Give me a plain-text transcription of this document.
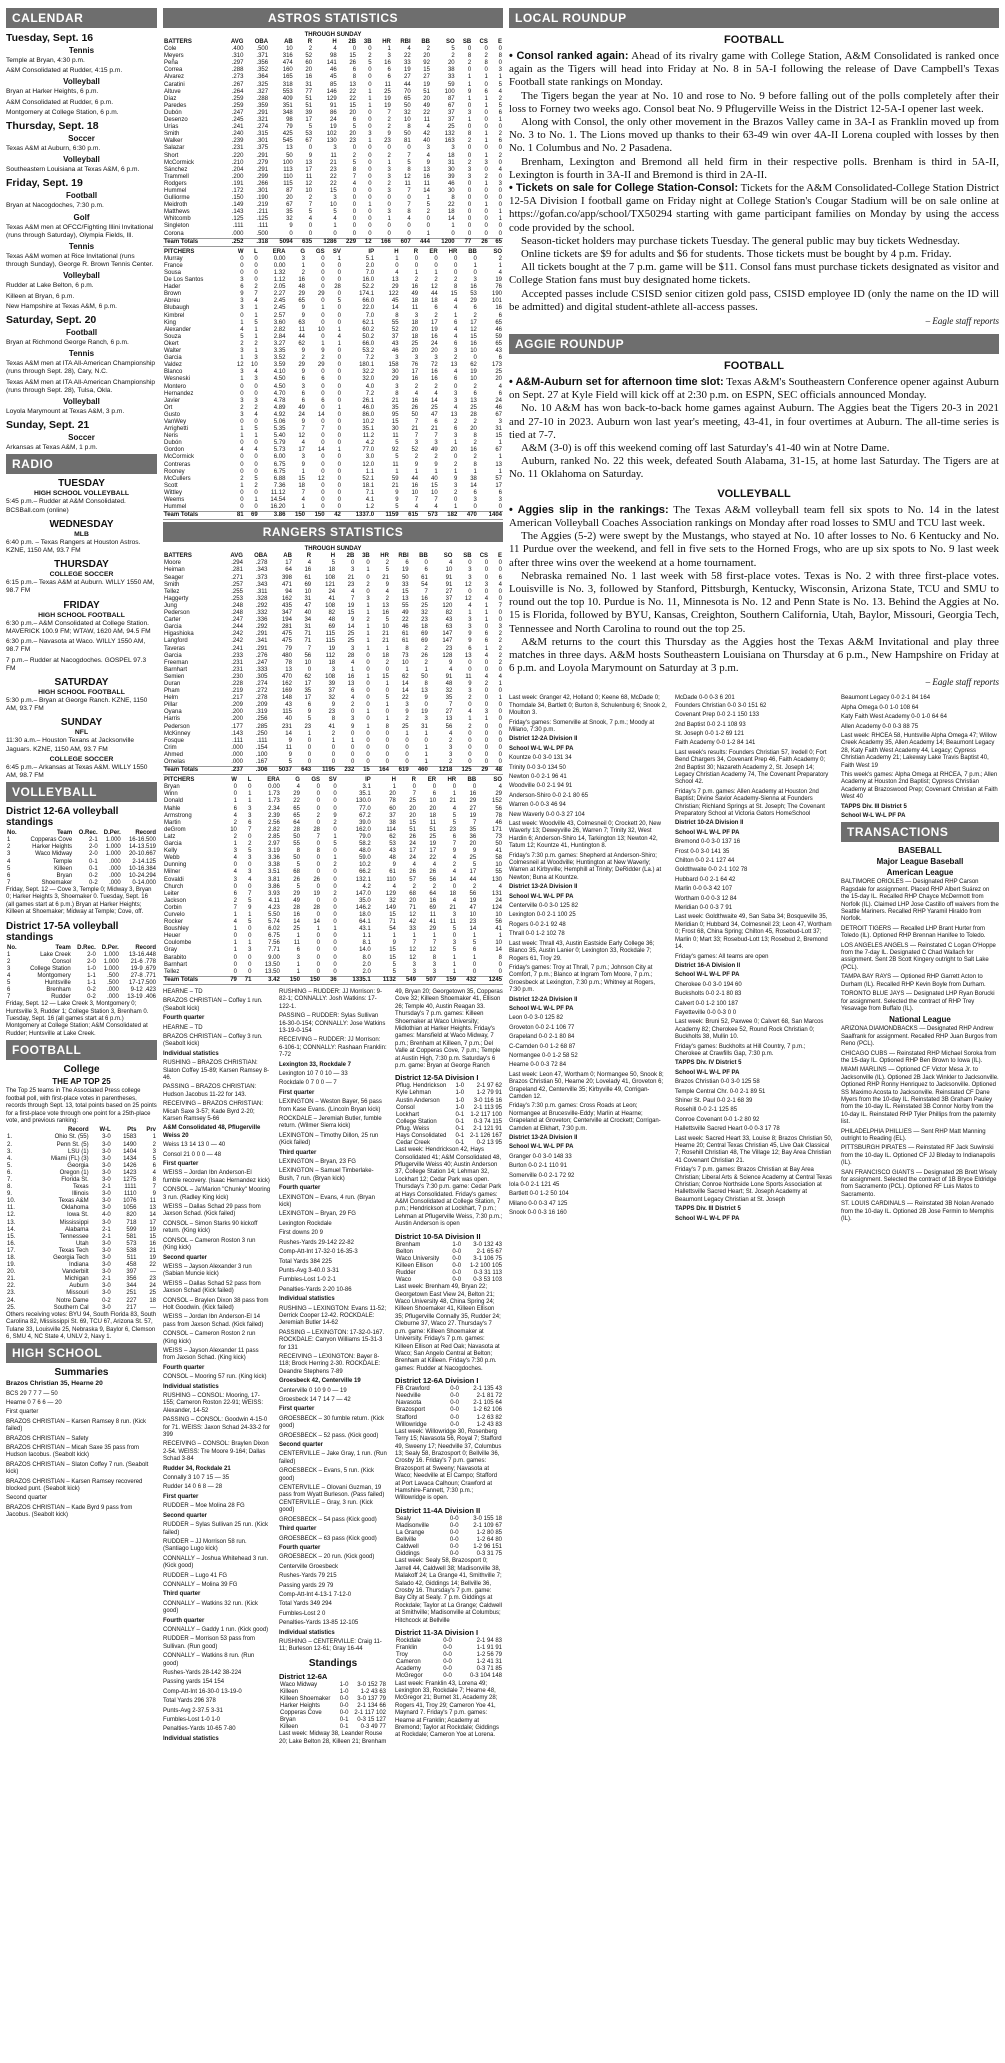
CALENDAR
Tuesday, Sept. 16
Tennis
Temple at Bryan, 4:30 p.m.
A&M Consolidated at Rudder, 4:15 p.m.
Volleyball
Bryan at Harker Heights, 6 p.m.
A&M Consolidated at Rudder, 6 p.m.
Montgomery at College Station, 6 p.m.
Thursday, Sept. 18
Soccer
Texas A&M at Auburn, 6:30 p.m.
Volleyball
Southeastern Louisiana at Texas A&M, 6 p.m.
Friday, Sept. 19
Football
Bryan at Nacogdoches, 7:30 p.m.
Golf
Texas A&M men at OFCC/Fighting Illini Invitational (runs through Saturday), Olympia Fields, Ill.
Tennis
Texas A&M women at Rice Invitational (runs through Sunday), George R. Brown Tennis Center.
Volleyball
Rudder at Lake Belton, 6 p.m.
Killeen at Bryan, 6 p.m.
New Hampshire at Texas A&M, 6 p.m.
Saturday, Sept. 20
Football
Bryan at Richmond George Ranch, 6 p.m.
Tennis
Texas A&M men at ITA All-American Championship (runs through Sept. 28), Cary, N.C.
Texas A&M men at ITA All-American Championship (runs through Sept. 28), Tulsa, Okla.
Volleyball
Loyola Marymount at Texas A&M, 3 p.m.
Sunday, Sept. 21
Soccer
Arkansas at Texas A&M, 1 p.m.
RADIO
TUESDAY
HIGH SCHOOL VOLLEYBALL
5:45 p.m.– Rudder at A&M Consolidated. BCSBall.com (online)
WEDNESDAY
MLB
6:40 p.m. – Texas Rangers at Houston Astros. KZNE, 1150 AM, 93.7 FM
THURSDAY
COLLEGE SOCCER
6:15 p.m.– Texas A&M at Auburn. WILLY 1550 AM, 98.7 FM
FRIDAY
HIGH SCHOOL FOOTBALL
6:30 p.m.– A&M Consolidated at College Station. MAVERICK 100.9 FM; WTAW, 1620 AM, 94.5 FM
6:30 p.m.– Navasota at Waco. WILLY 1550 AM, 98.7 FM
7 p.m.– Rudder at Nacogdoches. GOSPEL 97.3 FM
SATURDAY
HIGH SCHOOL FOOTBALL
5:30 p.m.– Bryan at George Ranch. KZNE, 1150 AM, 93.7 FM
SUNDAY
NFL
11:30 a.m.– Houston Texans at Jacksonville Jaguars. KZNE, 1150 AM, 93.7 FM
COLLEGE SOCCER
6:45 p.m.– Arkansas at Texas A&M. WILLY 1550 AM, 98.7 FM
VOLLEYBALL
District 12-6A volleyball standings
No.	Team	O.Rec.	D.Per.	Record
1	Copperas Cove	2-1	1.000	16-16.500
2	Harker Heights	2-0	1.000	14-13.519
3	Waco Midway	2-0	1.000	20-10.667
4	Temple	0-1	.000	2-14.125
5	Killeen	0-1	.000	10-16.384
6	Bryan	0-2	.000	10-24.294
7	Shoemaker	0-2	.000	0-14.000
Friday, Sept. 12 — Cove 3, Temple 0; Midway 3, Bryan 0; Harker Heights 3, Shoemaker 0. Tuesday, Sept. 16 (all games start at 6 p.m.) Bryan at Harker Heights; Killeen at Shoemaker; Midway at Temple; Cove, off.
District 17-5A volleyball standings
No.	Team	D.Rec.	D.Per.	Record
1	Lake Creek	2-0	1.000	13-16.448
2	Consol	2-0	1.000	21-6 .778
3	College Station	1-0	1.000	19-9 .679
4	Montgomery	1-1	.500	27-8 .771
5	Huntsville	1-1	.500	17-17.500
6	Brenham	0-2	.000	9-12 .423
7	Rudder	0-2	.000	13-19 .406
Friday, Sept. 12 — Lake Creek 3, Montgomery 0; Huntsville 3, Rudder 1; College Station 3, Brenham 0. Tuesday, Sept. 16 (all games start at 6 p.m.) Montgomery at College Station; A&M Consolidated at Rudder; Huntsville at Lake Creek.
FOOTBALL
College
THE AP TOP 25
The Top 25 teams in The Associated Press college football poll, with first-place votes in parentheses, records through Sept. 13, total points based on 25 points for a first-place vote through one point for a 25th-place vote, and previous ranking:
	Record	W-L	Pts	Prv
1.	Ohio St. (55)	3-0	1583	1
2.	Penn St. (5)	3-0	1490	2
3.	LSU (1)	3-0	1404	3
4.	Miami (FL) (3)	3-0	1434	5
5.	Georgia	3-0	1426	6
6.	Oregon (1)	3-0	1423	4
7.	Florida St.	3-0	1275	8
8.	Texas	2-1	1111	7
9.	Illinois	3-0	1110	9
10.	Texas A&M	3-0	1076	11
11.	Oklahoma	3-0	1056	13
12.	Iowa St.	4-0	820	14
13.	Mississippi	3-0	718	17
14.	Alabama	2-1	599	19
15.	Tennessee	2-1	581	15
16.	Utah	3-0	573	16
17.	Texas Tech	3-0	538	21
18.	Georgia Tech	3-0	511	19
19.	Indiana	3-0	458	22
20.	Vanderbilt	3-0	397	—
21.	Michigan	2-1	356	23
22.	Auburn	3-0	344	24
23.	Missouri	3-0	251	25
24.	Notre Dame	0-2	227	18
25.	Southern Cal	3-0	217	—
Others receiving votes: BYU 94, South Florida 83, South Carolina 82, Mississippi St. 69, TCU 67, Arizona St. 57, Tulane 33, Louisville 25, Nebraska 9, Baylor 6, Clemson 6, SMU 4, NC State 4, UNLV 2, Navy 1.
HIGH SCHOOL
Summaries
Brazos Christian 35, Hearne 20
BCS 29 7 7 7 — 50
Hearne 0 7 6 6 — 20
First quarter
BRAZOS CHRISTIAN – Karsen Ramsey 8 run. (Kick failed)
BRAZOS CHRISTIAN – Safety
BRAZOS CHRISTIAN – Micah Saxe 35 pass from Hudson Iacobus. (Seabolt kick)
BRAZOS CHRISTIAN – Slaton Coffey 7 run. (Seabolt kick)
BRAZOS CHRISTIAN – Karsen Ramsey recovered blocked punt. (Seabolt kick)
Second quarter
BRAZOS CHRISTIAN – Kade Byrd 9 pass from Jacobus. (Seabolt kick)
ASTROS STATISTICS
THROUGH SUNDAY
BATTERS	AVG	OBA	AB	R	H	2B	3B	HR	RBI	BB	SO	SB	CS	E
Cole	.400	.500	10	2	4	0	0	1	4	2	5	0	0	0
Meyers	.310	.371	316	52	98	15	2	3	22	20	2	8	2	8
Peña	.297	.356	474	60	141	26	5	16	33	92	20	2	8	0
Correa	.288	.352	160	20	46	6	0	6	19	15	38	0	0	3
Alvarez	.273	.364	165	16	45	8	0	6	27	27	33	1	1	1
Caratini	.267	.325	318	31	85	13	0	11	44	19	59	1	0	5
Altuve	.264	.327	553	77	146	22	1	25	70	51	100	9	6	4
Díaz	.259	.288	409	51	129	22	1	19	65	20	87	1	1	2
Paredes	.259	.359	351	51	91	15	1	19	50	49	67	0	1	5
Dubón	.247	.291	348	39	86	20	0	7	32	22	37	3	0	6
Desenzo	.245	.321	98	17	24	6	0	2	10	11	37	1	0	1
Urías	.241	.274	79	5	19	5	0	2	8	4	25	0	0	0
Smith	.240	.315	425	53	102	20	3	9	50	42	132	8	1	2
Walker	.239	.301	545	67	130	23	1	23	81	40	163	2	1	6
Salazar	.231	.375	13	0	3	0	0	0	0	3	3	0	0	0
Short	.220	.291	50	9	11	2	0	2	7	4	18	0	1	2
McCormick	.210	.279	100	13	21	5	0	1	5	9	31	2	3	0
Sánchez	.204	.291	113	17	23	8	0	3	8	13	30	3	0	4
Trammell	.200	.299	110	11	22	7	0	3	12	16	39	3	2	0
Rodgers	.191	.266	115	12	22	4	0	2	11	11	46	0	1	3
Hummel	.172	.301	87	10	15	0	0	3	7	14	30	0	0	0
Gulliorme	.150	.190	20	2	3	0	0	0	0	1	8	0	0	0
Meidroth	.149	.219	67	7	10	0	1	0	7	5	22	0	1	0
Matthews	.143	.211	35	5	5	0	0	3	8	2	18	0	0	1
Whitcomb	.125	.125	32	4	4	0	0	1	4	0	14	0	0	1
Singleton	.111	.111	9	0	1	0	0	0	0	0	1	0	0	0
Corona	.000	.500	0	0	0	0	0	0	0	1	0	0	0	0
Team Totals	.252	.318	5094	635	1286	229	12	166	607	444	1200	77	26	65
PITCHERS	W	L	ERA	G	GS	SV	IP	H	R	ER	HR	BB	SO
Murray	0	0	0.00	3	0	1	5.1	1	0	0	0	0	2
France	0	0	0.00	1	0	0	2.0	0	0	0	0	1	1
Sousa	0	0	1.32	2	0	0	7.0	4	1	1	0	0	4
De Los Santos	3	0	1.12	16	0	0	16.0	13	2	2	2	3	19
Hader	6	2	2.05	48	0	28	52.2	29	16	12	8	16	76
Brown	9	7	2.27	29	29	0	174.1	122	49	44	15	53	190
Abreu	3	4	2.45	65	0	5	66.0	45	18	18	4	29	101
Blubaugh	3	1	2.45	9	1	0	22.0	14	11	6	4	6	16
Kimbrel	0	1	2.57	9	0	0	7.0	8	3	2	1	2	6
King	1	5	3.60	63	0	0	62.1	55	18	17	6	17	65
Alexander	4	1	2.82	11	10	1	60.2	52	20	19	4	12	46
Souza	5	1	2.84	44	0	4	50.2	37	18	16	4	15	59
Okert	2	2	3.27	62	1	1	66.0	43	25	24	6	16	65
Walter	3	1	3.35	9	9	0	53.2	46	20	20	3	10	43
Garcia	1	3	3.52	2	2	0	7.2	3	3	3	2	0	6
Valdez	12	10	3.59	29	29	0	180.1	158	76	72	13	62	173
Blanco	3	4	4.10	9	0	0	32.2	30	17	16	4	19	25
Wesneski	1	3	4.50	6	6	0	32.0	29	16	16	6	10	20
Montero	0	0	4.50	3	0	0	4.0	3	2	2	0	2	4
Hernandez	0	0	4.70	6	0	0	7.2	8	4	4	3	6	6
Javier	3	3	4.78	6	6	0	26.1	21	16	14	3	13	24
Ort	2	2	4.89	49	0	1	46.0	35	26	25	4	25	46
Gusto	3	4	4.92	24	14	0	86.0	95	50	47	13	28	67
VanWey	0	0	5.06	9	0	0	10.2	15	7	6	2	2	3
Arrighetti	1	5	5.35	7	7	0	35.1	30	21	21	6	20	31
Neris	1	1	5.40	12	0	0	11.2	11	7	7	3	8	15
Dubón	0	0	5.79	4	0	0	4.2	5	3	3	1	2	1
Gordon	4	4	5.73	17	14	1	77.0	92	52	49	20	16	67
McCormick	0	0	6.00	3	0	0	3.0	5	2	2	0	2	1
Contreras	0	0	6.75	9	0	0	12.0	11	9	9	2	8	13
Rooney	0	0	6.75	1	0	0	1.1	1	1	1	1	1	1
McCullers	2	5	6.88	15	12	0	52.1	59	44	40	9	38	57
Scott	1	2	7.36	18	0	0	18.1	21	16	15	3	14	17
Wittley	0	0	11.12	7	0	0	7.1	9	10	10	2	6	6
Weems	0	1	14.54	4	0	0	4.1	9	7	7	0	3	3
Hummel	0	0	16.20	1	0	0	1.2	5	4	4	1	0	0
Team Totals	81	69	3.86	150	150	42	1337.0	1159	615	573	182	470	1404
RANGERS STATISTICS
THROUGH SUNDAY
BATTERS	AVG	OBA	AB	R	H	2B	3B	HR	RBI	BB	SO	SB	CS	E
Moore	.294	.278	17	4	5	0	0	2	6	0	4	0	0	0
Heiman	.281	.343	64	16	18	3	1	5	19	6	10	3	0	0
Seager	.271	.373	398	61	108	21	0	21	50	61	91	3	0	6
Smith	.257	.343	471	69	121	23	2	9	33	54	91	12	3	4
Tellez	.255	.311	94	10	24	4	0	4	15	7	27	0	0	0
Haggerty	.253	.328	162	31	41	7	3	2	13	16	37	12	4	0
Jung	.248	.292	435	47	108	19	1	13	55	25	120	4	1	7
Pederson	.248	.332	347	40	82	15	1	16	49	32	82	1	1	0
Carter	.247	.336	194	34	48	9	2	5	22	23	43	3	1	0
Garcia	.244	.292	281	31	69	14	1	10	46	18	63	3	0	3
Higashioka	.242	.291	475	71	115	25	1	21	61	69	147	9	6	2
Langford	.242	.341	475	71	115	25	1	21	61	69	147	9	6	2
Taveras	.241	.291	79	7	19	3	1	1	8	2	23	6	1	2
Garcia	.233	.276	480	56	112	28	0	18	73	26	128	13	4	2
Freeman	.231	.247	78	10	18	4	0	2	10	2	9	0	0	2
Barnhart	.231	.333	13	0	3	1	0	0	1	1	4	0	0	0
Semien	.230	.305	470	62	108	16	1	15	62	50	91	11	4	4
Duran	.228	.274	162	17	39	13	0	1	14	8	48	9	2	1
Pham	.219	.272	169	35	37	6	0	0	14	13	32	3	0	0
Helm	.217	.278	148	17	32	4	0	5	22	9	35	2	0	1
Pillar	.209	.209	43	6	9	2	0	1	3	0	7	0	0	0
Oyana	.200	.319	115	9	23	0	1	0	9	19	27	4	3	0
Harris	.200	.256	40	5	8	3	0	1	2	3	13	1	1	0
Pederson	.177	.285	231	23	41	9	1	8	25	31	56	2	0	0
McKinney	.143	.250	14	1	2	0	0	0	1	1	4	0	0	0
Fosque	.111	.111	9	0	1	1	0	0	0	0	2	0	0	0
Crim	.000	.154	11	0	0	0	0	0	0	1	3	0	0	0
Ahmed	.000	.100	9	0	0	0	0	0	0	1	3	0	0	0
Ornelas	.000	.167	5	0	0	0	0	0	0	1	2	0	0	0
Team Totals	.237	.306	5037	643	1195	232	15	164	619	460	1218	125	29	48
PITCHERS	W	L	ERA	G	GS	SV	IP	H	R	ER	HR	BB	SO
Bryan	0	0	0.00	4	0	0	3.1	1	0	0	0	0	4
Winn	0	1	1.73	29	0	0	35.1	20	7	6	1	16	29
Donald	1	1	1.73	22	0	0	130.0	78	25	10	21	29	152
Mahle	6	3	2.34	65	0	0	77.0	60	20	20	4	27	56
Armstrong	4	3	2.39	65	2	9	67.2	37	20	18	5	19	78
Martin	2	6	2.56	64	0	2	39.0	38	15	11	5	7	46
deGrom	10	7	2.82	28	28	0	162.0	114	51	51	23	35	171
Latz	2	0	2.85	50	7	1	79.0	62	26	25	6	36	73
Garcia	1	2	2.97	55	0	5	58.2	53	24	19	7	20	50
Kelly	3	5	3.19	8	8	0	48.0	43	17	17	9	9	41
Webb	4	3	3.36	50	0	1	59.0	48	24	22	4	25	58
Dunning	0	0	3.38	5	0	2	10.2	9	4	4	2	5	10
Milner	4	3	3.51	68	0	0	66.2	61	26	26	4	17	55
Eovaldi	3	4	3.81	26	26	0	132.1	110	57	56	14	44	130
Church	0	0	3.86	5	0	0	4.2	4	2	2	0	2	4
Leiter	6	7	3.93	29	19	2	147.0	129	68	64	18	56	131
Jackson	2	5	4.11	49	0	0	35.0	32	20	16	4	19	24
Corbin	7	9	4.23	28	28	0	146.2	149	71	69	21	47	124
Curvelo	1	1	5.50	16	0	0	18.0	15	12	11	3	10	10
Rocker	4	5	5.74	14	14	0	64.1	71	42	41	11	23	56
Boushley	1	0	6.02	25	1	1	43.1	54	33	29	5	14	41
Heuer	0	0	6.75	1	0	0	1.1	1	1	1	0	1	1
Coulombe	1	1	7.56	11	0	0	8.1	9	7	7	3	5	10
Gray	1	3	7.71	6	0	0	14.0	15	12	12	5	6	14
Barabito	0	0	9.00	3	0	0	8.0	15	12	8	1	1	8
Barnhart	0	0	13.50	1	0	0	2.0	5	3	3	1	0	0
Tellez	0	0	13.50	1	0	0	2.0	5	3	3	1	0	0
Team Totals	79	71	3.42	150	150	36	1335.1	1132	549	507	159	432	1245
HEARNE – TD
BRAZOS CHRISTIAN – Coffey 1 run. (Seabolt kick)
Fourth quarter
HEARNE – TD
BRAZOS CHRISTIAN – Coffey 3 run. (Seabolt kick)
Individual statistics
RUSHING – BRAZOS CHRISTIAN: Slaton Coffey 15-89; Karsen Ramsey 8-46.
PASSING – BRAZOS CHRISTIAN: Hudson Jacobus 11-22 for 143.
RECEIVING – BRAZOS CHRISTIAN: Micah Saxe 3-57; Kade Byrd 2-20; Karsen Ramsey 5-66
A&M Consolidated 48, Pflugerville Weiss 20
Weiss 13 14 13 0 — 40
Consol 21 0 0 0 — 48
First quarter
WEISS – Jordan Ibn Anderson-El fumble recovery. (Isaac Hernandez kick)
CONSOL – Ja'Marion "Chunky" Mooring 3 run. (Radley King kick)
WEISS – Dallas Schad 29 pass from Jaxson Schad. (Kick failed)
CONSOL – Simon Starks 90 kickoff return. (King kick)
CONSOL – Cameron Roston 3 run (King kick)
Second quarter
WEISS – Jayson Alexander 3 run (Sabian Muncie kick)
WEISS – Dallas Schad 52 pass from Jaxson Schad (Kick failed)
CONSOL – Braylen Dixon 38 pass from Holt Goodwin. (Kick failed)
WEISS – Jordan Ibn Anderson-El 14 pass from Jaxson Schad. (Kick failed)
CONSOL – Cameron Roston 2 run (King kick)
WEISS – Jayson Alexander 11 pass from Jaxson Schad. (King kick)
Fourth quarter
CONSOL – Mooring 57 run. (King kick)
Individual statistics
RUSHING – CONSOL: Mooring, 17-155; Cameron Roston 22-91; WEISS: Alexander, 14-52
PASSING – CONSOL: Goodwin 4-15-0 for 71. WEISS: Jaxon Schad 24-33-2 for 399
RECEIVING – CONSOL: Braylen Dixon 2-54. WEISS: Tre Moore 9-164; Dallas Schad 3-84
Rudder 34, Rockdale 21
Connally 3 10 7 15 — 35
Rudder 14 0 6 8 — 28
First quarter
RUDDER – Moe Molina 28 FG
Second quarter
RUDDER – Sylas Sullivan 25 run. (Kick failed)
RUDDER – JJ Morrison 58 run. (Santiago Lugo kick)
CONNALLY – Joshua Whitehead 3 run. (Kick good)
RUDDER – Lugo 41 FG
CONNALLY – Molina 39 FG
Third quarter
CONNALLY – Watkins 32 run. (Kick good)
Fourth quarter
CONNALLY – Gaddy 1 run. (Kick good)
RUDDER – Morrison 53 pass from Sullivan. (Run good)
CONNALLY – Watkins 8 run. (Run good)
Rushes-Yards 28-142 38-224
Passing yards 154 154
Comp-Att-Int 16-30-0 13-19-0
Total Yards 296 378
Punts-Avg 2-37.5 3-31
Fumbles-Lost 1-0 1-0
Penalties-Yards 10-65 7-80
Individual statistics
RUSHING – RUDDER: JJ Morrison: 9-82-1; CONNALLY: Josh Watkins: 17-122-1.
PASSING – RUDDER: Sylas Sullivan 16-30-0-154; CONNALLY: Jose Watkins 13-19-0-154
RECEIVING – RUDDER: JJ Morrison: 6-106-1; CONNALLY: Rashaan Franklin: 7-72
Lexington 33, Rockdale 7
Lexington 10 7 0 10 — 33
Rockdale 0 7 0 0 — 7
First quarter
LEXINGTON – Weston Bayer, 56 pass from Kase Evans. (Lincoln Bryan kick)
ROCKDALE – Jeremiah Butler, fumble return. (Wilmer Sierra kick)
LEXINGTON – Timothy Dillon, 25 run (Kick failed)
Third quarter
LEXINGTON – Bryan, 23 FG
LEXINGTON – Samuel Timberlake-Bush, 7 run. (Bryan kick)
Fourth quarter
LEXINGTON – Evans, 4 run. (Bryan kick)
LEXINGTON – Bryan, 29 FG
Lexington Rockdale
First downs 20 9
Rushes-Yards 29-142 22-82
Comp-Att-Int 17-32-0 16-35-3
Total Yards 384 225
Punts-Avg 3-40.0 3-31
Fumbles-Lost 1-0 2-1
Penalties-Yards 2-20 10-86
Individual statistics
RUSHING – LEXINGTON: Evans 11-52; Derrick Cooper 12-42. ROCKDALE: Jeremiah Butler 14-62
PASSING – LEXINGTON: 17-32-0-167. ROCKDALE: Canyon Williams 15-31-3 for 131
RECEIVING – LEXINGTON: Bayer 8-118; Brock Herring 2-30. ROCKDALE: Deandre Stephens 7-89
Groesbeck 42, Centerville 19
Centerville 0 10 9 0 — 19
Groesbeck 14 7 14 7 — 42
First quarter
GROESBECK – 30 fumble return. (Kick good)
GROESBECK – 52 pass. (Kick good)
Second quarter
CENTERVILLE – Jake Gray, 1 run. (Run failed)
GROESBECK – Evans, 5 run. (Kick good)
CENTERVILLE – Olovani Guzman, 19 pass from Wyatt Burleson. (Pass failed)
CENTERVILLE – Gray, 3 run. (Kick good)
GROESBECK – 54 pass (Kick good)
Third quarter
GROESBECK – 63 pass (Kick good)
Fourth quarter
GROESBECK – 20 run. (Kick good)
Centerville Groesbeck
Rushes-Yards 79 215
Passing yards 29 79
Comp-Att-Int 4-13-1 7-12-0
Total Yards 349 294
Fumbles-Lost 2 0
Penalties-Yards 13-85 12-105
Individual statistics
RUSHING – CENTERVILLE: Craig 11-11; Burleson 12-61; Gray 16-44
Standings
District 12-6A
Waco Midway	1-0	3-0 152 78
Killeen	1-0	1-2 43 63
Killeen Shoemaker	0-0	3-0 137 79
Harker Heights	0-0	2-1 134 66
Copperas Cove	0-0	2-1 117 102
Bryan	0-1	0-3 15 127
Killeen	0-1	0-3 49 77
Last week: Midway 38, Leander Rouse 20; Lake Belton 28, Killeen 21; Brenham 49, Bryan 20; Georgetown 35, Copperas Cove 32; Killeen Shoemaker 41, Ellison 26; Temple 40, Austin Reagan 33. Thursday's 7 p.m. games: Killeen Shoemaker at Waco University; Midlothian at Harker Heights. Friday's games: Mansfield at Waco Midway, 7 p.m.; Brenham at Killeen, 7 p.m.; Del Valle at Copperas Cove, 7 p.m.; Temple at Austin High, 7:30 p.m. Saturday's 6 p.m. game: Bryan at George Ranch
District 12-5A Division I
Pflug. Hendrickson	1-0	2-1 97 62
Kyle Lehman	1-0	1-2 79 91
Austin Anderson	1-0	3-0 116 16
Consol	1-0	2-1 113 95
Lockhart	0-1	1-2 117 100
College Station	0-1	0-3 74 115
Pflug. Weiss	0-1	2-1 121 91
Hays Consolidated	0-1	2-1 126 167
Cedar Creek	0-1	0-2 13 95
Last week: Hendrickson 42, Hays Consolidated 41; A&M Consolidated 48, Pflugerville Weiss 40; Austin Anderson 37, College Station 14; Lehman 32, Lockhart 12; Cedar Park was open. Thursday's 7:30 p.m. game: Cedar Park at Hays Consolidated. Friday's games: A&M Consolidated at College Station, 7 p.m.; Hendrickson at Lockhart, 7 p.m.; Lehman at Pflugerville Weiss, 7:30 p.m.; Austin Anderson is open
District 10-5A Division II
Brenham	1-0	3-0 132 43
Belton	0-0	2-1 65 67
Waco University	0-0	3-1 106 75
Killeen Ellison	0-0	1-2 100 105
Rudder	0-0	0-3 31 113
Waco	0-0	0-3 53 103
Last week: Brenham 49, Bryan 22; Georgetown East View 24, Belton 21; Waco University 48, China Spring 24; Killeen Shoemaker 41, Killeen Ellison 35; Pflugerville Connally 35, Rudder 24; Cleburne 37, Waco 27. Thursday's 7 p.m. game: Killeen Shoemaker at University. Friday's 7 p.m. games: Killeen Ellison at Red Oak; Navasota at Waco; San Angelo Central at Belton; Brenham at Killeen. Friday's 7:30 p.m. games: Rudder at Nacogdoches.
District 12-6A Division I
FB Crawford	0-0	2-1 135 43
Needville	0-0	2-1 81 72
Navasota	0-0	2-1 105 64
Brazosport	0-0	1-2 62 106
Stafford	0-0	1-2 63 82
Willowridge	0-0	1-2 43 83
Last week: Willowridge 30, Rosenberg Terry 15; Navasota 56, Royal 7; Stafford 49, Sweeny 17; Needville 37, Columbus 13; Sealy 58, Brazosport 0; Bellville 36, Crosby 16. Friday's 7 p.m. games: Brazosport at Sweeny; Navasota at Waco; Needville at El Campo; Stafford at Port Lavaca Calhoun; Crawford at Hamshire-Fannett, 7:30 p.m.; Willowridge is open.
District 11-4A Division II
Sealy	0-0	3-0 155 18
Madisonville	0-0	2-1 109 67
La Grange	0-0	1-2 80 85
Bellville	0-0	1-2 64 80
Caldwell	0-0	1-2 96 151
Giddings	0-0	0-3 31 75
Last week: Sealy 58, Brazosport 0; Jarrell 44, Caldwell 38; Madisonville 38, Malakoff 24; La Grange 41, Smithville 7; Salado 42, Giddings 14; Bellville 36, Crosby 16. Thursday's 7 p.m. game: Bay City at Sealy. 7 p.m. Giddings at Rockdale; Taylor at La Grange; Caldwell at Smithville; Madisonville at Columbus; Hitchcock at Bellville
District 11-3A Division I
Rockdale	0-0	2-1 94 83
Franklin	0-0	1-1 91 91
Troy	0-0	1-2 56 79
Cameron	0-0	1-2 41 31
Academy	0-0	0-3 71 85
McGregor	0-0	0-3 104 148
Last week: Franklin 43, Lorena 49; Lexington 33, Rockdale 7; Hearne 48, McGregor 21; Burnet 31, Academy 28; Rogers 41, Troy 29; Cameron Yoe 41, Maynard 7. Friday's 7 p.m. games: Hearne at Franklin; Academy at Bremond; Taylor at Rockdale; Giddings at Rockdale; Cameron Yoe at Lorena.
LOCAL ROUNDUP
FOOTBALL

• Consol ranked again: Ahead of its rivalry game with College Station, A&M Consolidated is ranked once again as the Tigers will head into Friday at No. 8 in 5A-I following the release of Dave Campbell's Texas Football state rankings on Monday.

The Tigers began the year at No. 10 and rose to No. 9 before falling out of the polls completely after their loss to Forney two weeks ago. Consol beat No. 9 Pflugerville Weiss in the District 12-5A-I opener last week.

Along with Consol, the only other movement in the Brazos Valley came in 3A-I as Franklin moved up from No. 3 to No. 1. The Lions moved up thanks to their 63-49 win over 4A-II Lorena coupled with losses by then No. 1 Columbus and No. 2 Pasadena.

Brenham, Lexington and Bremond all held firm in their respective polls. Brenham is third in 5A-II, Lexington is fourth in 3A-II and Bremond is third in 2A-II.

• Tickets on sale for College Station-Consol: Tickets for the A&M Consolidated-College Station District 12-5A Division I football game on Friday night at College Station's Cougar Stadium will be on sale online at https://gofan.co/app/school/TX50294 starting with game participant families on Monday by using the access code provided by the school.

Season-ticket holders may purchase tickets Tuesday. The general public may buy tickets Wednesday.

Online tickets are $9 for adults and $6 for students. Those tickets must be bought by 4 p.m. Friday.

All tickets bought at the 7 p.m. game will be $11. Consol fans must purchase tickets designated as visitor and College Station fans must buy designated home tickets.

Accepted passes include CSISD senior citizen gold pass, CSISD employee ID (only the name on the ID will be admitted) and digital student-athlete all-access passes.

– Eagle staff reports
AGGIE ROUNDUP
FOOTBALL

• A&M-Auburn set for afternoon time slot: Texas A&M's Southeastern Conference opener against Auburn on Sept. 27 at Kyle Field will kick off at 2:30 p.m. on ESPN, SEC officials announced Monday.

No. 10 A&M has won back-to-back home games against Auburn. The Aggies beat the Tigers 20-3 in 2021 and 27-10 in 2023. Auburn won last year's meeting, 43-41, in four overtimes at Auburn. The all-time series is tied at 7-7.

A&M (3-0) is off this weekend coming off last Saturday's 41-40 win at Notre Dame.

Auburn, ranked No. 22 this week, defeated South Alabama, 31-15, at home last Saturday. The Tigers are at No. 11 Oklahoma on Saturday.

VOLLEYBALL

• Aggies slip in the rankings: The Texas A&M volleyball team fell six spots to No. 14 in the latest American Volleyball Coaches Association rankings on Monday after road losses to SMU and TCU last week.

The Aggies (5-2) were swept by the Mustangs, who stayed at No. 10 after losses to No. 6 Kentucky and No. 11 Purdue over the weekend, and fell in five sets to the Horned Frogs, who are up six spots to No. 9 last week after three wins over the weekend at a home tournament.

Nebraska remained No. 1 last week with 58 first-place votes. Texas is No. 2 with three first-place votes. Louisville is No. 3, followed by Stanford, Pittsburgh, Kentucky, Wisconsin, Arizona State, TCU and SMU to round out the top 10. Purdue is No. 11, Minnesota is No. 12 and Penn State is No. 13. Behind the Aggies at No. 15 is Florida, followed by BYU, Kansas, Creighton, Southern California, Utah, Baylor, Missouri, Georgia Tech, Tennessee and North Carolina to round out the top 25.

A&M returns to the court this Thursday as the Aggies host the Texas A&M Invitational and play three matches in three days. A&M hosts Southeastern Louisiana on Thursday at 6 p.m., New Hampshire on Friday at 6 p.m. and Loyola Marymount on Saturday at 3 p.m.

– Eagle staff reports
Last week: Granger 42, Holland 0; Keene 68, McDade 0; Thorndale 34, Bartlett 0; Burton 8, Schulenburg 6; Snook 2, Moulton 3.
Friday's games: Somerville at Snook, 7 p.m.; Moody at Milano, 7:30 p.m.
District 12-2A Division II
School W-L W-L PF PA
Kountze 0-0 3-0 131 34
Trinity 0-0 3-0 134 50
Newton 0-0 2-1 96 41
Woodville 0-0 2-1 94 91
Anderson-Shiro 0-0 2-1 80 65
Warren 0-0 0-3 46 94
New Waverly 0-0 0-3 27 104
Last week: Woodville 43, Colmesneil 0; Crockett 20, New Waverly 13; Deweyville 26, Warren 7; Trinity 32, West Hardin 6; Anderson-Shiro 14, Tarkington 13; Newton 42, Tatum 12; Kountze 41, Huntington 8.
Friday's 7:30 p.m. games: Shepherd at Anderson-Shiro; Colmesneil at Woodville; Huntington at New Waverly; Warren at Kirbyville; Hemphill at Trinity; DeRidder (La.) at Newton; Buna at Kountze.
District 13-2A Division II
School W-L W-L PF PA
Centerville 0-0 3-0 125 82
Lexington 0-0 2-1 100 25
Rogers 0-0 2-1 92 48
Thrall 0-0 1-2 102 78
Last week: Thrall 43, Austin Eastside Early College 36; Blanco 35, Austin Lanier 0; Lexington 33, Rockdale 7; Rogers 61, Troy 29.
Friday's games: Troy at Thrall, 7 p.m.; Johnson City at Comfort, 7 p.m.; Blanco at Ingram Tom Moore, 7 p.m.; Groesbeck at Lexington, 7:30 p.m.; Whitney at Rogers, 7:30 p.m.
District 12-2A Division II
School W-L W-L PF PA
Leon 0-0 3-0 125 82
Groveton 0-0 2-1 106 77
Grapeland 0-0 2-1 80 84
C-Camden 0-0 1-2 68 87
Normangee 0-0 1-2 58 52
Hearne 0-0 0-3 72 84
Last week: Leon 47, Wortham 0; Normangee 50, Snook 8; Brazos Christian 50, Hearne 20; Lovelady 41, Groveton 6; Grapeland 42, Centerville 35; Kirbyville 49, Corrigan-Camden 12.
Friday's 7:30 p.m. games: Cross Roads at Leon; Normangee at Brucesville-Eddy; Marlin at Hearne; Grapeland at Groveton; Centerville at Crockett; Corrigan-Camden at Elkhart, 7:30 p.m.
District 13-2A Division II
School W-L W-L PF PA
Granger 0-0 3-0 148 33
Burton 0-0 2-1 110 91
Somerville 0-0 2-1 72 92
Iola 0-0 2-1 121 45
Bartlett 0-0 1-2 50 104
Milano 0-0 0-3 47 125
Snook 0-0 0-3 16 160
McDade 0-0 0-3 6 201
Founders Christian 0-0 3-0 151 62
Covenant Prep 0-0 2-1 150 133
2nd Baptist 0-0 2-1 108 93
St. Joseph 0-0 1-2 69 121
Faith Academy 0-0 1-2 84 141
Last week's results: Founders Christian 57, Iredell 0; Fort Bend Chargers 34, Covenant Prep 46, Faith Academy 0; 2nd Baptist 30; Nazareth Academy 2, St. Joseph 14; Legacy Christian Academy 74, The Covenant Preparatory School 42.
Friday's 7 p.m. games: Allen Academy at Houston 2nd Baptist; Divine Savior Academy-Sienna at Founders Christian; Richland Springs at St. Joseph; The Covenant Preparatory School at Victoria Gators HomeSchool
District 10-2A Division II
School W-L W-L PF PA
Bremond 0-0 3-0 137 16
Frost 0-0 3-0 141 35
Chilton 0-0 2-1 127 44
Goldthwaite 0-0 2-1 102 78
Hubbard 0-0 2-1 64 42
Marlin 0-0 0-3 42 107
Wortham 0-0 0-3 12 84
Meridian 0-0 0-3 7 91
Last week: Goldthwaite 49, San Saba 34; Bosqueville 35, Meridian 0; Hubbard 34, Colmesneil 23; Leon 47, Wortham 0; Frost 68, China Spring; Chilton 45, Rosebud-Lott 37; Marlin 0; Mart 33; Rosebud-Lott 13; Rosebud 2, Bremond 14.
Friday's games: All teams are open
District 16-A Division II
School W-L W-L PF PA
Cherokee 0-0 3-0 194 60
Bucksholts 0-0 2-1 80 83
Calvert 0-0 1-2 100 187
Fayetteville 0-0 0-3 0 0
Last week: Bruni 52, Paxwee 0; Calvert 68, San Marcos Academy 82; Cherokee 52, Round Rock Christian 0; Buckholts 38, Mullin 10.
Friday's games: Buckholts at Hill Country, 7 p.m.; Cherokee at Crawfills Gap, 7:30 p.m.
TAPPS Div. IV District 5
School W-L W-L PF PA
Brazos Christian 0-0 3-0 125 58
Temple Central Chr. 0-0 2-1 89 51
Shiner St. Paul 0-0 2-1 68 39
Rosehill 0-0 2-1 125 85
Conroe Covenant 0-0 1-2 80 92
Hallettsville Sacred Heart 0-0 0-3 17 78
Last week: Sacred Heart 33, Louise 8; Brazos Christian 50, Hearne 20; Central Texas Christian 45, Live Oak Classical 7; Rosehill Christian 48, The Village 12; Bay Area Christian 41 Covenant Christian 21.
Friday's 7 p.m. games: Brazos Christian at Bay Area Christian; Liberal Arts & Science Academy at Central Texas Christian; Conroe Northside Lone Sports Association at Hallettsville Sacred Heart; St. Joseph Academy at Beaumont Legacy Christian at St. Joseph
TAPPS Div. III District 5
School W-L W-L PF PA
Beaumont Legacy 0-0 2-1 84 164
Alpha Omega 0-0 1-0 108 64
Katy Faith West Academy 0-0 1-0 64 64
Allen Academy 0-0 0-3 88 75
Last week: RHCEA 58, Huntsville Alpha Omega 47; Willow Creek Academy 35, Allen Academy 14; Beaumont Legacy 28, Katy Faith West Academy 44, Legacy; Cypress Christian Academy 21; Lakeway Lake Travis Baptist 40, Faith West 19
This week's games: Alpha Omega at RHCEA, 7 p.m.; Allen Academy at Houston 2nd Baptist; Cypress Christian Academy at Brazoswood Prep; Covenant Christian at Faith West 40
TAPPS Div. III District 5
School W-L W-L PF PA
TRANSACTIONS
BASEBALL
Major League Baseball
American League
BALTIMORE ORIOLES — Designated RHP Carson Ragsdale for assignment. Placed RHP Albert Suárez on the 15-day IL. Recalled RHP Chayce McDermott from Norfolk (IL). Claimed LHP Jose Castillo off waivers from the Seattle Mariners. Recalled RHP Yaramil Hiraldo from Norfolk.
DETROIT TIGERS — Recalled LHP Brant Hurter from Toledo (IL). Optioned RHP Brennan Hanifee to Toledo.
LOS ANGELES ANGELS — Reinstated C Logan O'Hoppe from the 7-day IL. Designated C Chad Wallach for assignment. Sent 2B Scott Kingery outright to Salt Lake (PCL).
TAMPA BAY RAYS — Optioned RHP Garrett Acton to Durham (IL). Recalled RHP Kevin Boyle from Durham.
TORONTO BLUE JAYS — Designated LHP Ryan Borucki for assignment. Selected the contract of RHP Trey Yesavage from Buffalo (IL).
National League
ARIZONA DIAMONDBACKS — Designated RHP Andrew Saalfrank for assignment. Recalled RHP Juan Burgos from Reno (PCL).
CHICAGO CUBS — Reinstated RHP Michael Soroka from the 15-day IL. Optioned RHP Ben Brown to Iowa (IL).
MIAMI MARLINS — Optioned CF Victor Mesa Jr. to Jacksonville (IL). Optioned 2B Jack Winkler to Jacksonville. Optioned RHP Ronny Henriquez to Jacksonville. Optioned SS Maximo Acosta to Jacksonville. Reinstated CF Dane Myers from the 10-day IL. Reinstated 3B Graham Pauley from the 10-day IL. Reinstated 3B Connor Norby from the 10-day IL. Reinstated RHP Tyler Phillips from the paternity list.
PHILADELPHIA PHILLIES — Sent RHP Matt Manning outright to Reading (EL).
PITTSBURGH PIRATES — Reinstated RF Jack Suwinski from the 10-day IL. Optioned CF JJ Bleday to Indianapolis (IL).
SAN FRANCISCO GIANTS — Designated 2B Brett Wisely for assignment. Selected the contract of 1B Bryce Eldridge from Sacramento (PCL). Optioned RF Luis Matos to Sacramento.
ST. LOUIS CARDINALS — Reinstated 3B Nolan Arenado from the 10-day IL. Optioned 2B Jose Fermin to Memphis (IL).
